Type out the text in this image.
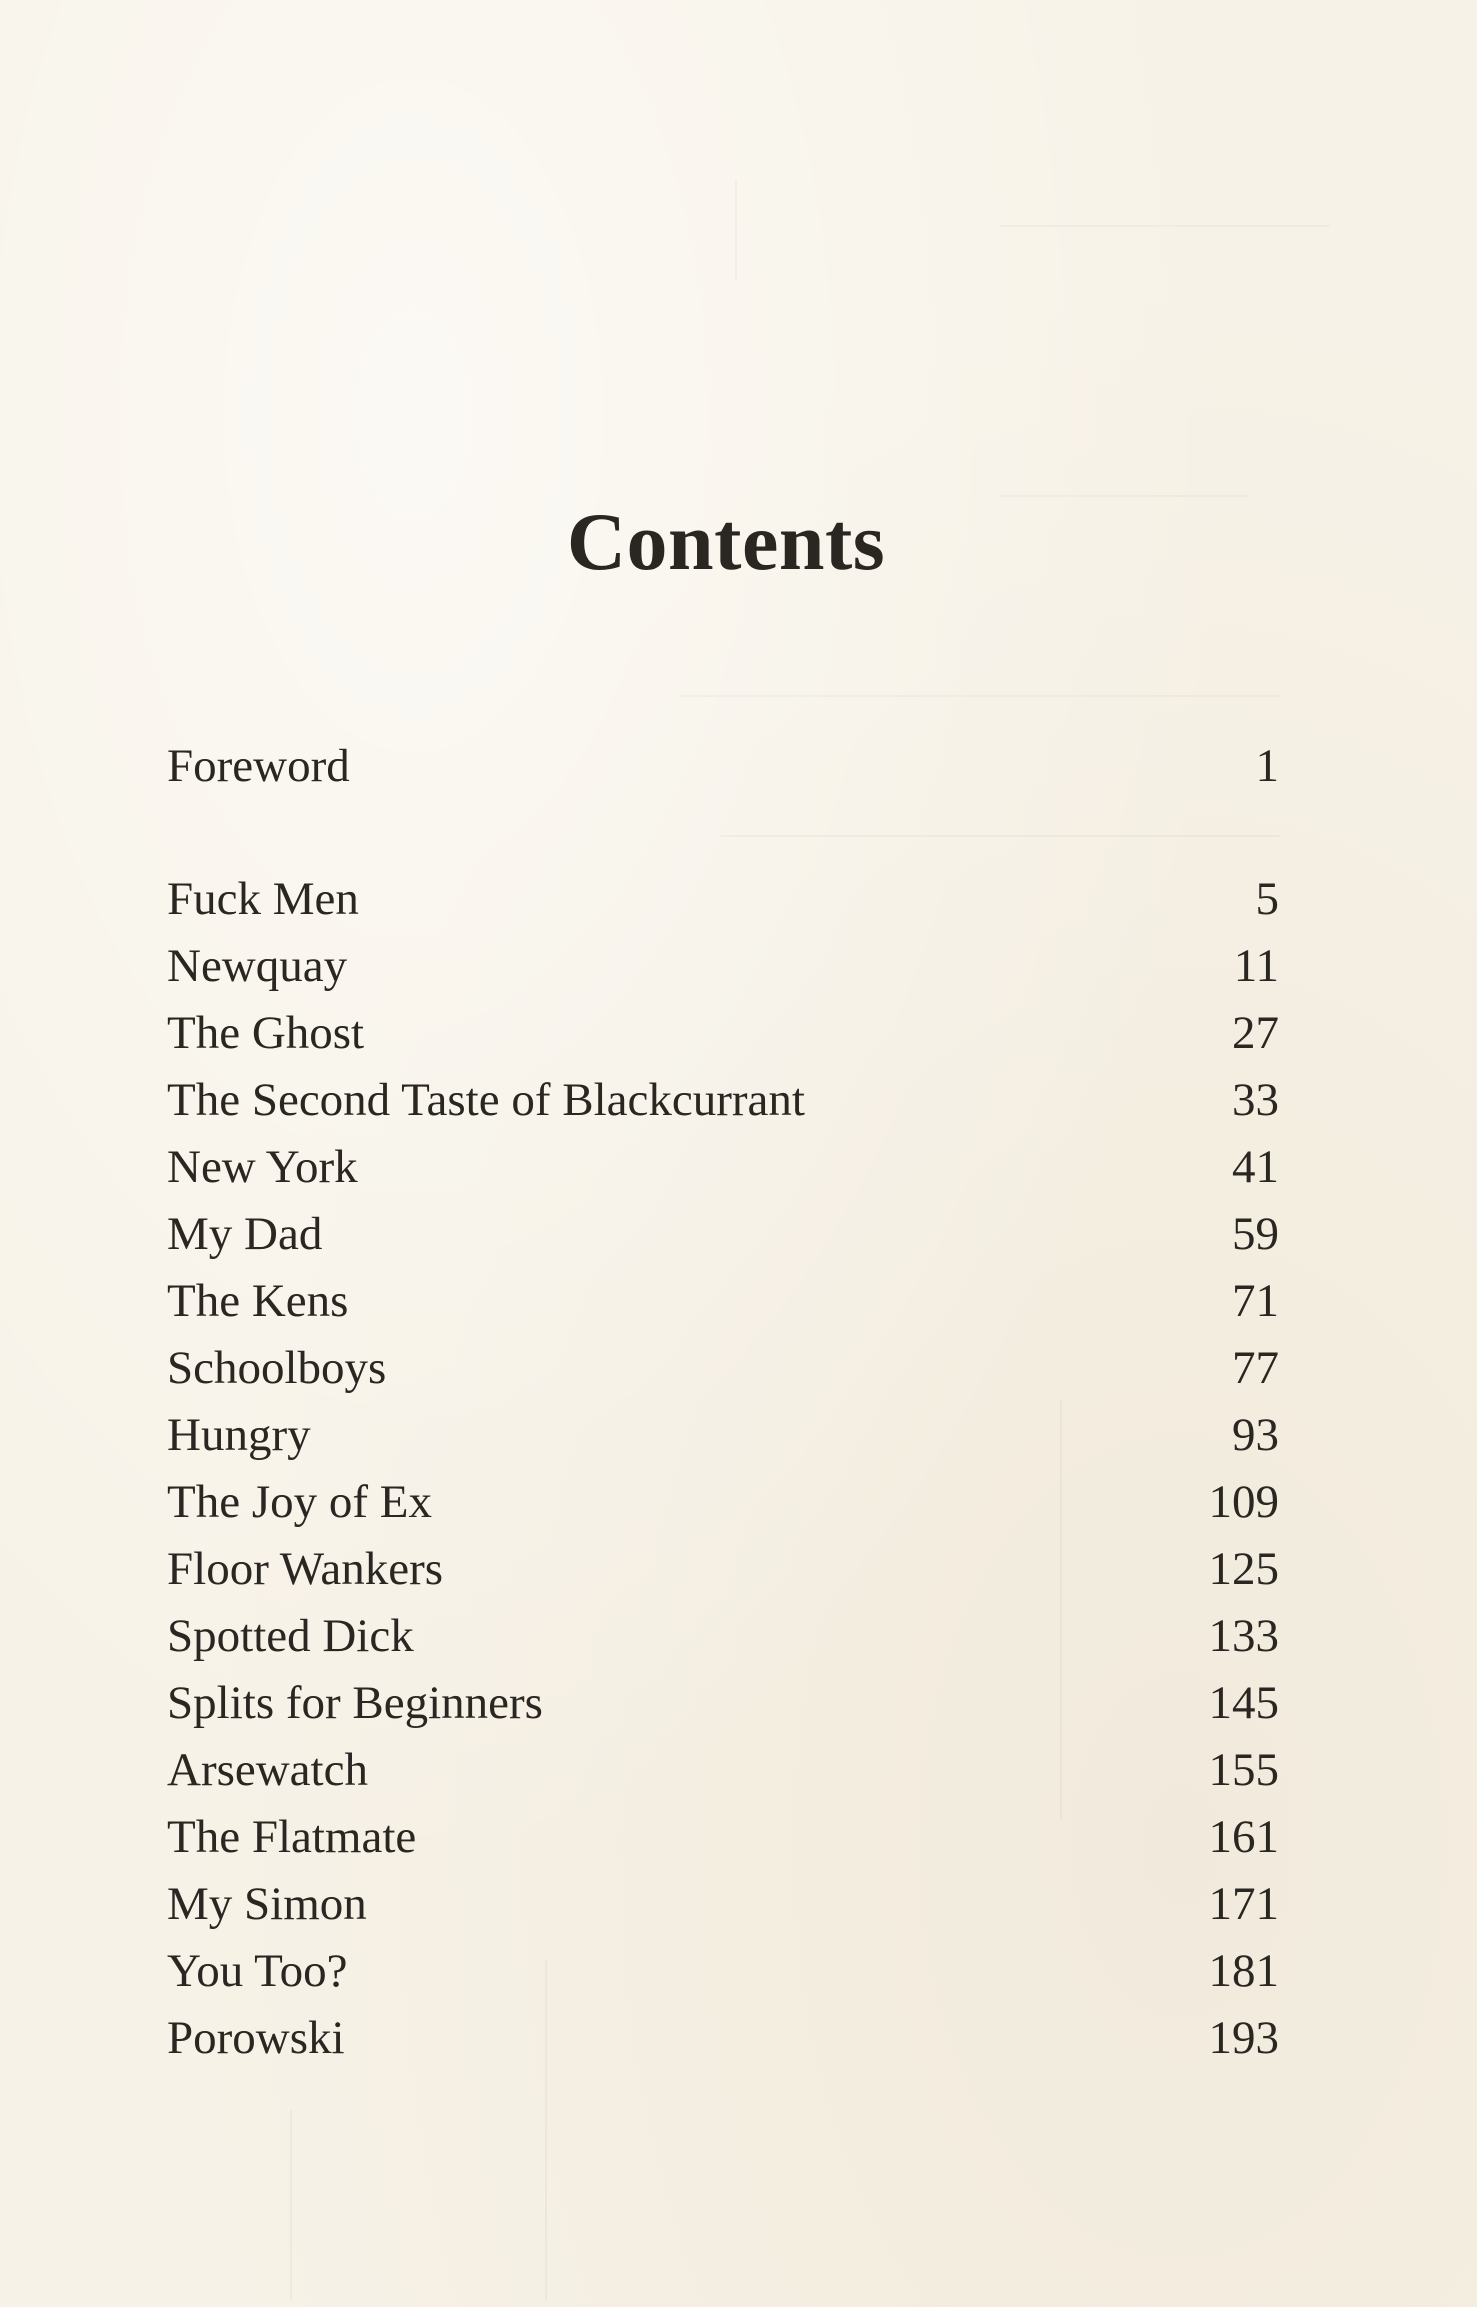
Contents
Foreword	1
Fuck Men	5
Newquay	11
The Ghost	27
The Second Taste of Blackcurrant	33
New York	41
My Dad	59
The Kens	71
Schoolboys	77
Hungry	93
The Joy of Ex	109
Floor Wankers	125
Spotted Dick	133
Splits for Beginners	145
Arsewatch	155
The Flatmate	161
My Simon	171
You Too?	181
Porowski	193
